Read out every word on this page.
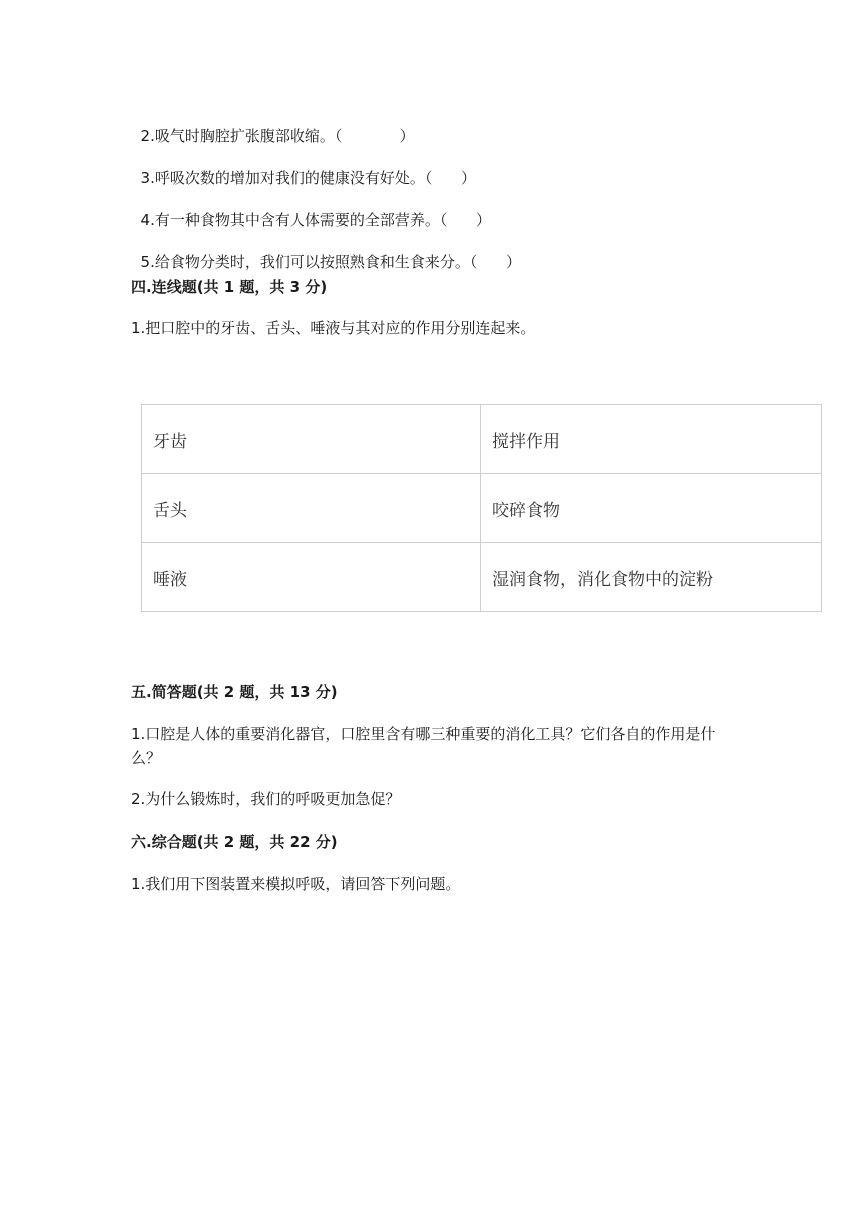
2.吸气时胸腔扩张腹部收缩。（	）

3.呼吸次数的增加对我们的健康没有好处。（ ）

4.有一种食物其中含有人体需要的全部营养。（ ）

5.给食物分类时，我们可以按照熟食和生食来分。（ ）

四.连线题(共 1 题，共 3 分)
1.把口腔中的牙齿、舌头、唾液与其对应的作用分别连起来。
牙齿	搅拌作用
舌头	咬碎食物
唾液	湿润食物，消化食物中的淀粉
五.简答题(共 2 题，共 13 分)
1.口腔是人体的重要消化器官，口腔里含有哪三种重要的消化工具？它们各自的作用是什么？
2.为什么锻炼时，我们的呼吸更加急促？
六.综合题(共 2 题，共 22 分)
1.我们用下图装置来模拟呼吸，请回答下列问题。
